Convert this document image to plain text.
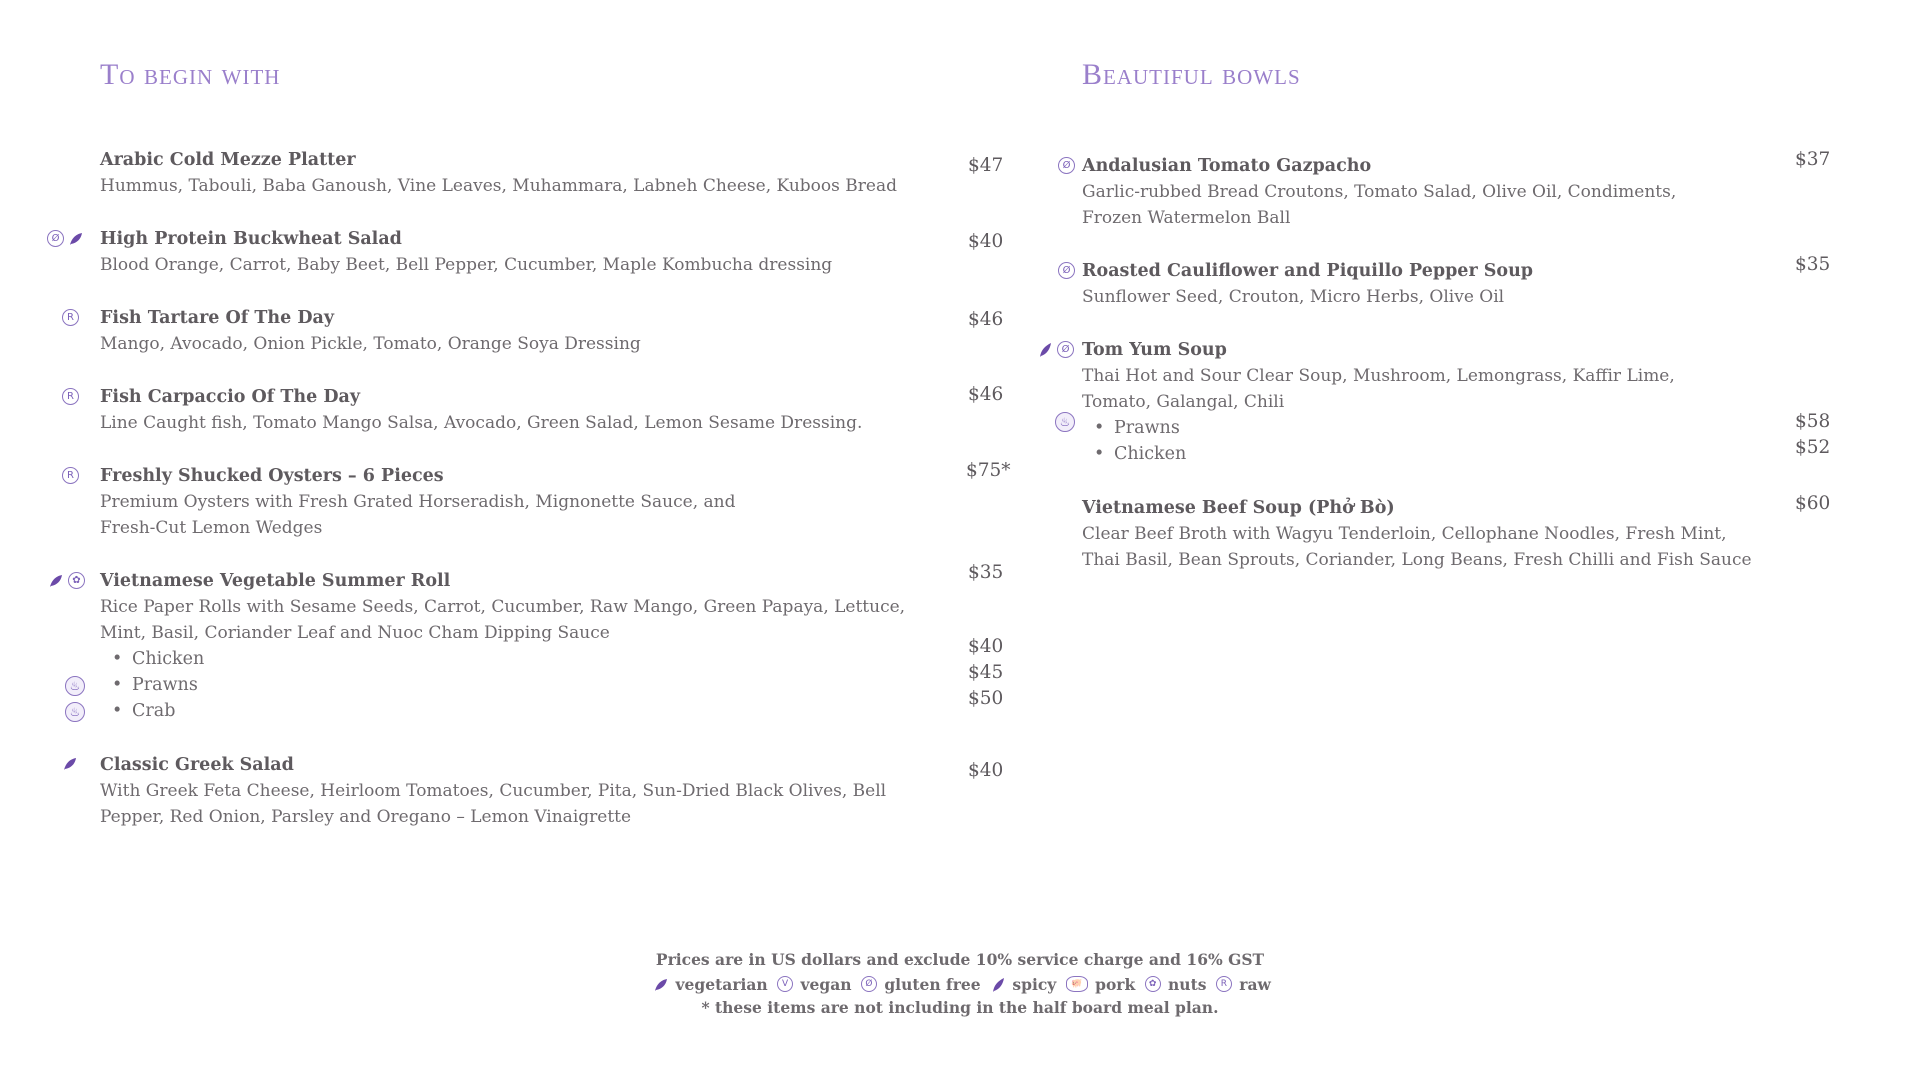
To begin with
Arabic Cold Mezze Platter
Hummus, Tabouli, Baba Ganoush, Vine Leaves, Muhammara, Labneh Cheese, Kuboos Bread
$47
Ø High Protein Buckwheat Salad
Blood Orange, Carrot, Baby Beet, Bell Pepper, Cucumber, Maple Kombucha dressing
$40
R Fish Tartare Of The Day
Mango, Avocado, Onion Pickle, Tomato, Orange Soya Dressing
$46
R Fish Carpaccio Of The Day
Line Caught fish, Tomato Mango Salsa, Avocado, Green Salad, Lemon Sesame Dressing.
$46
R Freshly Shucked Oysters – 6 Pieces
Premium Oysters with Fresh Grated Horseradish, Mignonette Sauce, and
Fresh-Cut Lemon Wedges
$75*
✿ Vietnamese Vegetable Summer Roll
Rice Paper Rolls with Sesame Seeds, Carrot, Cucumber, Raw Mango, Green Papaya, Lettuce,
Mint, Basil, Coriander Leaf and Nuoc Cham Dipping Sauce
$35
• Chicken
$40
• ♨	Prawns
$45
• ♨	Crab
$50
Classic Greek Salad
With Greek Feta Cheese, Heirloom Tomatoes, Cucumber, Pita, Sun-Dried Black Olives, Bell
Pepper, Red Onion, Parsley and Oregano – Lemon Vinaigrette
$40
Beautiful bowls
Ø Andalusian Tomato Gazpacho
Garlic-rubbed Bread Croutons, Tomato Salad, Olive Oil, Condiments,
Frozen Watermelon Ball
$37
Ø Roasted Cauliflower and Piquillo Pepper Soup
Sunflower Seed, Crouton, Micro Herbs, Olive Oil
$35
Ø Tom Yum Soup
Thai Hot and Sour Clear Soup, Mushroom, Lemongrass, Kaffir Lime,
Tomato, Galangal, Chili
• ♨ Prawns	$58
• Chicken	$52
Vietnamese Beef Soup (Phở Bò)
Clear Beef Broth with Wagyu Tenderloin, Cellophane Noodles, Fresh Mint,
Thai Basil, Bean Sprouts, Coriander, Long Beans, Fresh Chilli and Fish Sauce
$60
Prices are in US dollars and exclude 10% service charge and 16% GST
vegetarian V vegan Ø gluten free spicy 🐖 pork ✿ nuts R raw
* these items are not including in the half board meal plan.
